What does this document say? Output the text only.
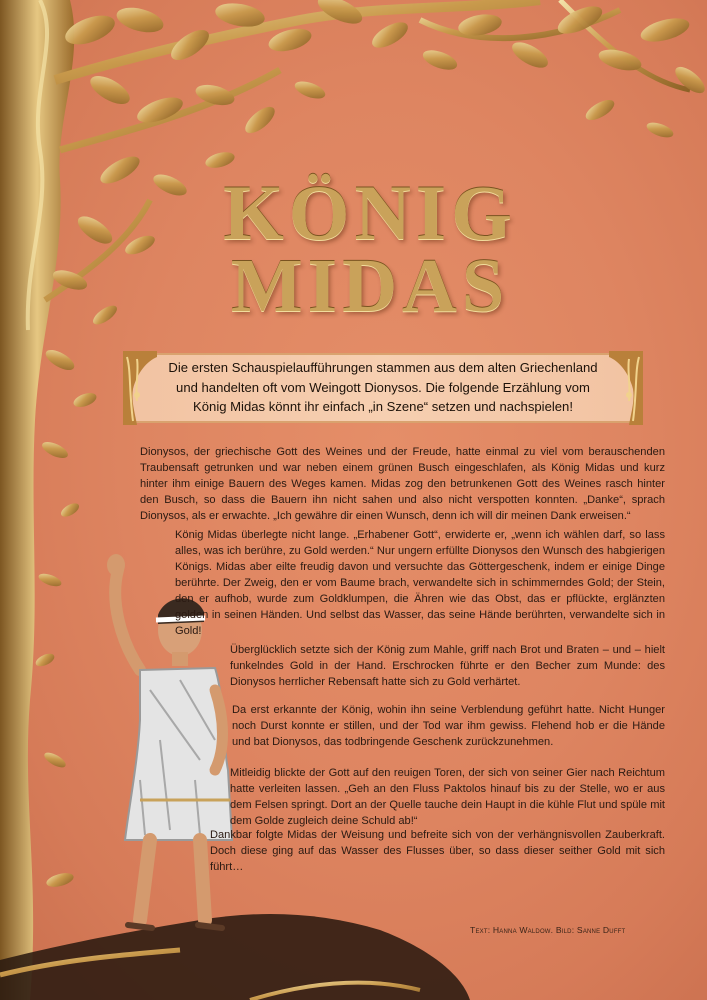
KÖNIG
MIDAS
Die ersten Schauspielaufführungen stammen aus dem alten Griechenland und handelten oft vom Weingott Dionysos. Die folgende Erzählung vom König Midas könnt ihr einfach „in Szene“ setzen und nachspielen!

Dionysos, der griechische Gott des Weines und der Freude, hatte einmal zu viel vom berauschenden Traubensaft getrunken und war neben einem grünen Busch eingeschlafen, als König Midas und kurz hinter ihm einige Bauern des Weges kamen. Midas zog den betrunkenen Gott des Weines rasch hinter den Busch, so dass die Bauern ihn nicht sahen und also nicht verspotten konnten. „Danke“, sprach Dionysos, als er erwachte. „Ich gewähre dir einen Wunsch, denn ich will dir meinen Dank erweisen.“

König Midas überlegte nicht lange. „Erhabener Gott“, erwiderte er, „wenn ich wählen darf, so lass alles, was ich berühre, zu Gold werden.“ Nur ungern erfüllte Dionysos den Wunsch des habgierigen Königs. Midas aber eilte freudig davon und versuchte das Göttergeschenk, indem er einige Dinge berührte. Der Zweig, den er vom Baume brach, verwandelte sich in schimmerndes Gold; der Stein, den er aufhob, wurde zum Goldklumpen, die Ähren wie das Obst, das er pflückte, erglänzten golden in seinen Händen. Und selbst das Wasser, das seine Hände berührten, verwandelte sich in Gold!

Überglücklich setzte sich der König zum Mahle, griff nach Brot und Braten – und – hielt funkelndes Gold in der Hand. Erschrocken führte er den Becher zum Munde: des Dionysos herrlicher Rebensaft hatte sich zu Gold verhärtet.

Da erst erkannte der König, wohin ihn seine Verblendung geführt hatte. Nicht Hunger noch Durst konnte er stillen, und der Tod war ihm gewiss. Flehend hob er die Hände und bat Dionysos, das todbringende Geschenk zurückzunehmen.

Mitleidig blickte der Gott auf den reuigen Toren, der sich von seiner Gier nach Reichtum hatte verleiten lassen. „Geh an den Fluss Paktolos hinauf bis zu der Stelle, wo er aus dem Felsen springt. Dort an der Quelle tauche dein Haupt in die kühle Flut und spüle mit dem Golde zugleich deine Schuld ab!“

Dankbar folgte Midas der Weisung und befreite sich von der verhängnisvollen Zauberkraft. Doch diese ging auf das Wasser des Flusses über, so dass dieser seither Gold mit sich führt…

Text: Hanna Waldow. Bild: Sanne Dufft
